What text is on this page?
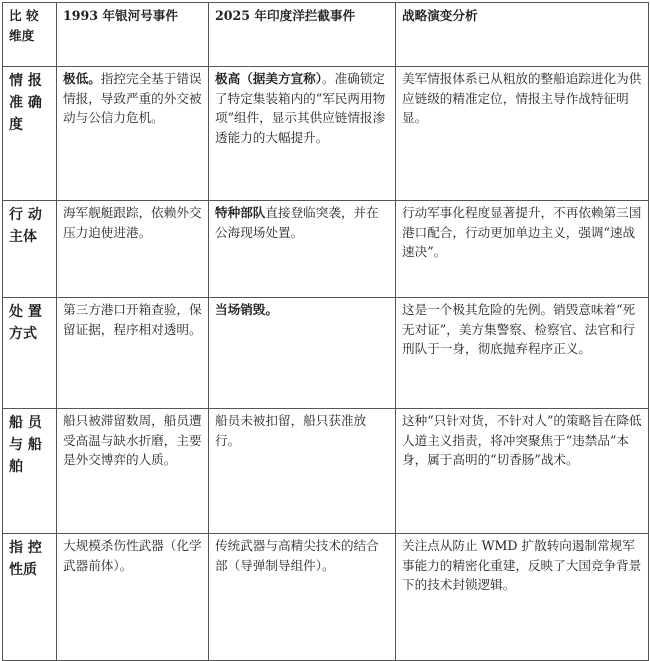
比 较 维度	1993 年银河号事件	2025 年印度洋拦截事件	战略演变分析
情 报 准 确 度	极低。指控完全基于错误情报，导致严重的外交被动与公信力危机。	极高（据美方宣称）。准确锁定了特定集装箱内的“军民两用物项”组件，显示其供应链情报渗透能力的大幅提升。	美军情报体系已从粗放的整船追踪进化为供应链级的精准定位，情报主导作战特征明显。
行 动 主体	海军舰艇跟踪，依赖外交压力迫使进港。	特种部队直接登临突袭，并在公海现场处置。	行动军事化程度显著提升，不再依赖第三国港口配合，行动更加单边主义，强调“速战速决”。
处 置 方式	第三方港口开箱查验，保留证据，程序相对透明。	当场销毁。	这是一个极其危险的先例。销毁意味着“死无对证”，美方集警察、检察官、法官和行刑队于一身，彻底抛弃程序正义。
船 员 与 船 舶	船只被滞留数周，船员遭受高温与缺水折磨，主要是外交博弈的人质。	船员未被扣留，船只获准放行。	这种“只针对货，不针对人”的策略旨在降低人道主义指责，将冲突聚焦于“违禁品”本身，属于高明的“切香肠”战术。
指 控 性质	大规模杀伤性武器（化学武器前体）。	传统武器与高精尖技术的结合部（导弹制导组件）。	关注点从防止 WMD 扩散转向遏制常规军事能力的精密化重建，反映了大国竞争背景下的技术封锁逻辑。
